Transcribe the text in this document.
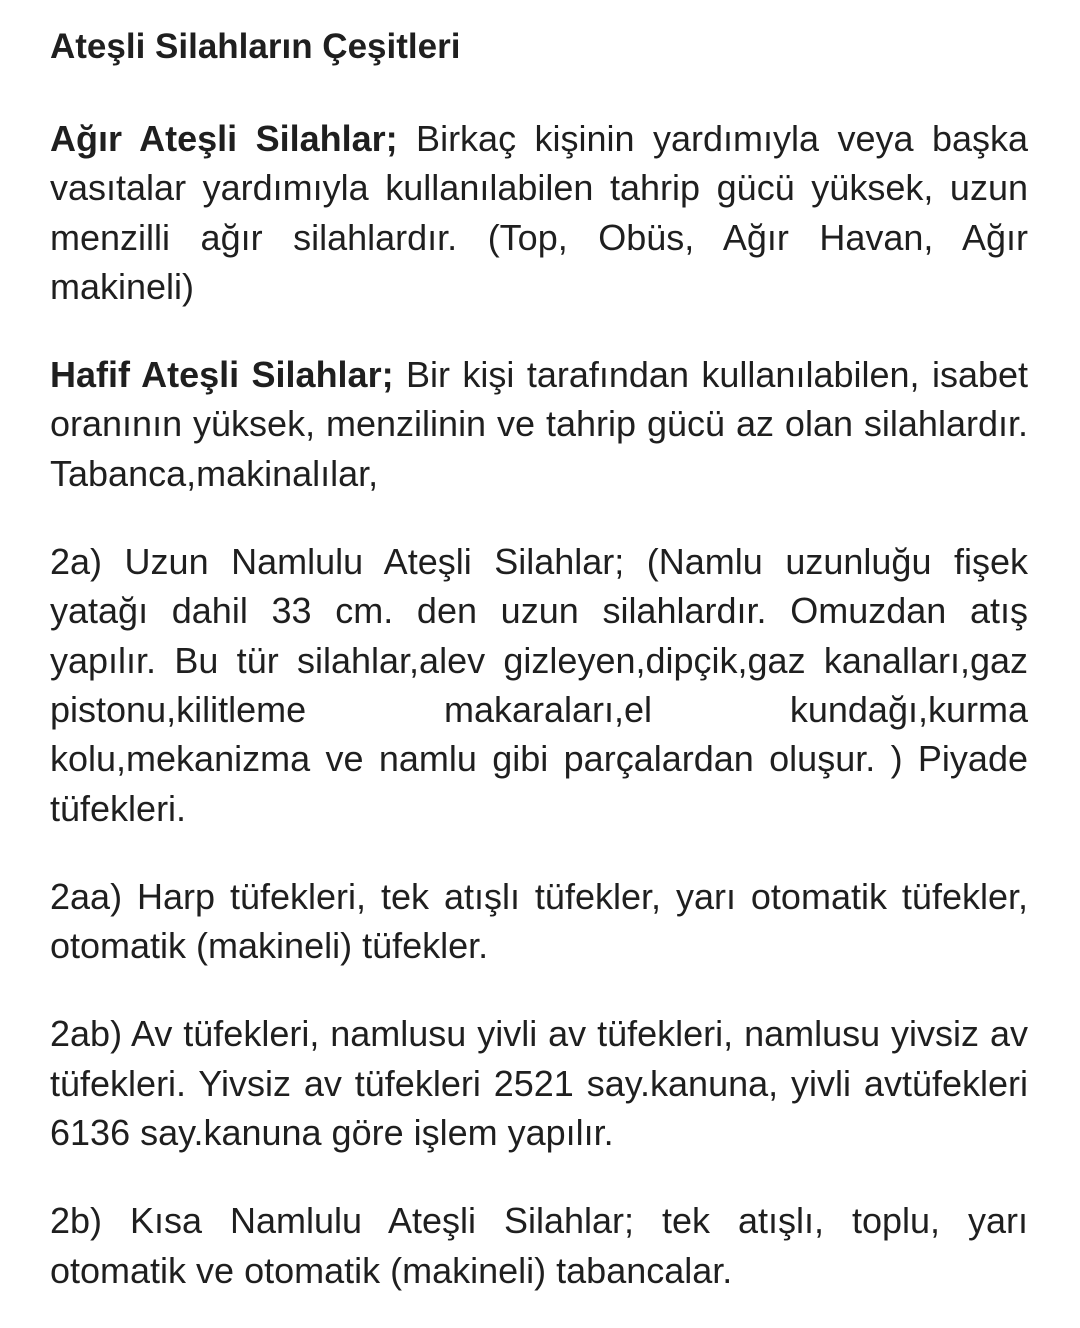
Ateşli Silahların Çeşitleri

Ağır Ateşli Silahlar; Birkaç kişinin yardımıyla veya başka vasıtalar yardımıyla kullanılabilen tahrip gücü yüksek, uzun menzilli ağır silahlardır. (Top, Obüs, Ağır Havan, Ağır makineli)

Hafif Ateşli Silahlar; Bir kişi tarafından kullanılabilen, isabet oranının yüksek, menzilinin ve tahrip gücü az olan silahlardır. Tabanca,makinalılar,

2a) Uzun Namlulu Ateşli Silahlar; (Namlu uzunluğu fişek yatağı dahil 33 cm. den uzun silahlardır. Omuzdan atış yapılır. Bu tür silahlar,alev gizleyen,dipçik,gaz kanalları,gaz pistonu,kilitleme makaraları,el kundağı,kurma kolu,mekanizma ve namlu gibi parçalardan oluşur. ) Piyade tüfekleri.

2aa) Harp tüfekleri, tek atışlı tüfekler, yarı otomatik tüfekler, otomatik (makineli) tüfekler.

2ab) Av tüfekleri, namlusu yivli av tüfekleri, namlusu yivsiz av tüfekleri. Yivsiz av tüfekleri 2521 say.kanuna, yivli avtüfekleri 6136 say.kanuna göre işlem yapılır.

2b) Kısa Namlulu Ateşli Silahlar; tek atışlı, toplu, yarı otomatik ve otomatik (makineli) tabancalar.
